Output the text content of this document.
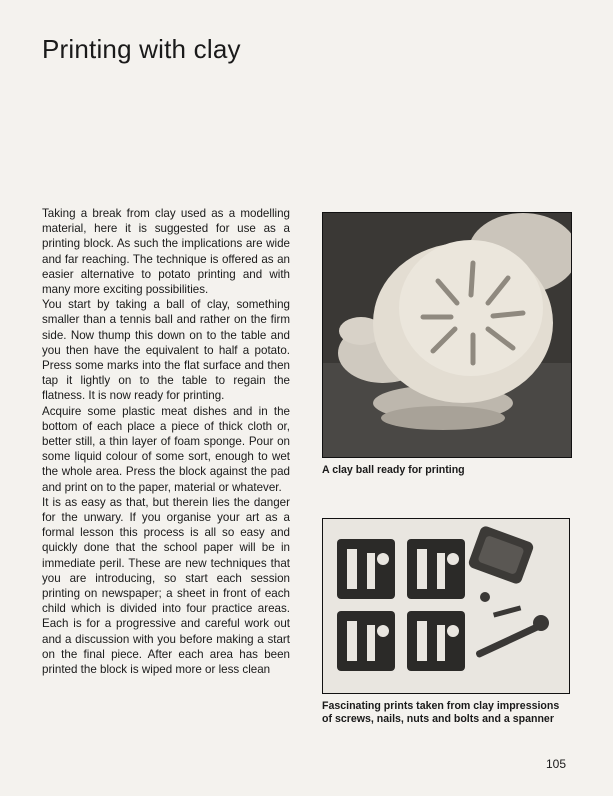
Printing with clay

Taking a break from clay used as a modelling material, here it is suggested for use as a printing block. As such the implications are wide and far reaching. The technique is offered as an easier alternative to potato printing and with many more exciting possibilities.

You start by taking a ball of clay, something smaller than a tennis ball and rather on the firm side. Now thump this down on to the table and you then have the equivalent to half a potato. Press some marks into the flat surface and then tap it lightly on to the table to regain the flatness. It is now ready for printing.

Acquire some plastic meat dishes and in the bottom of each place a piece of thick cloth or, better still, a thin layer of foam sponge. Pour on some liquid colour of some sort, enough to wet the whole area. Press the block against the pad and print on to the paper, material or whatever.

It is as easy as that, but therein lies the danger for the unwary. If you organise your art as a formal lesson this process is all so easy and quickly done that the school paper will be in immediate peril. These are new techniques that you are introducing, so start each session printing on newspaper; a sheet in front of each child which is divided into four practice areas. Each is for a progressive and careful work out and a discussion with you before making a start on the final piece. After each area has been printed the block is wiped more or less clean

A clay ball ready for printing
Fascinating prints taken from clay impressions of screws, nails, nuts and bolts and a spanner
105
